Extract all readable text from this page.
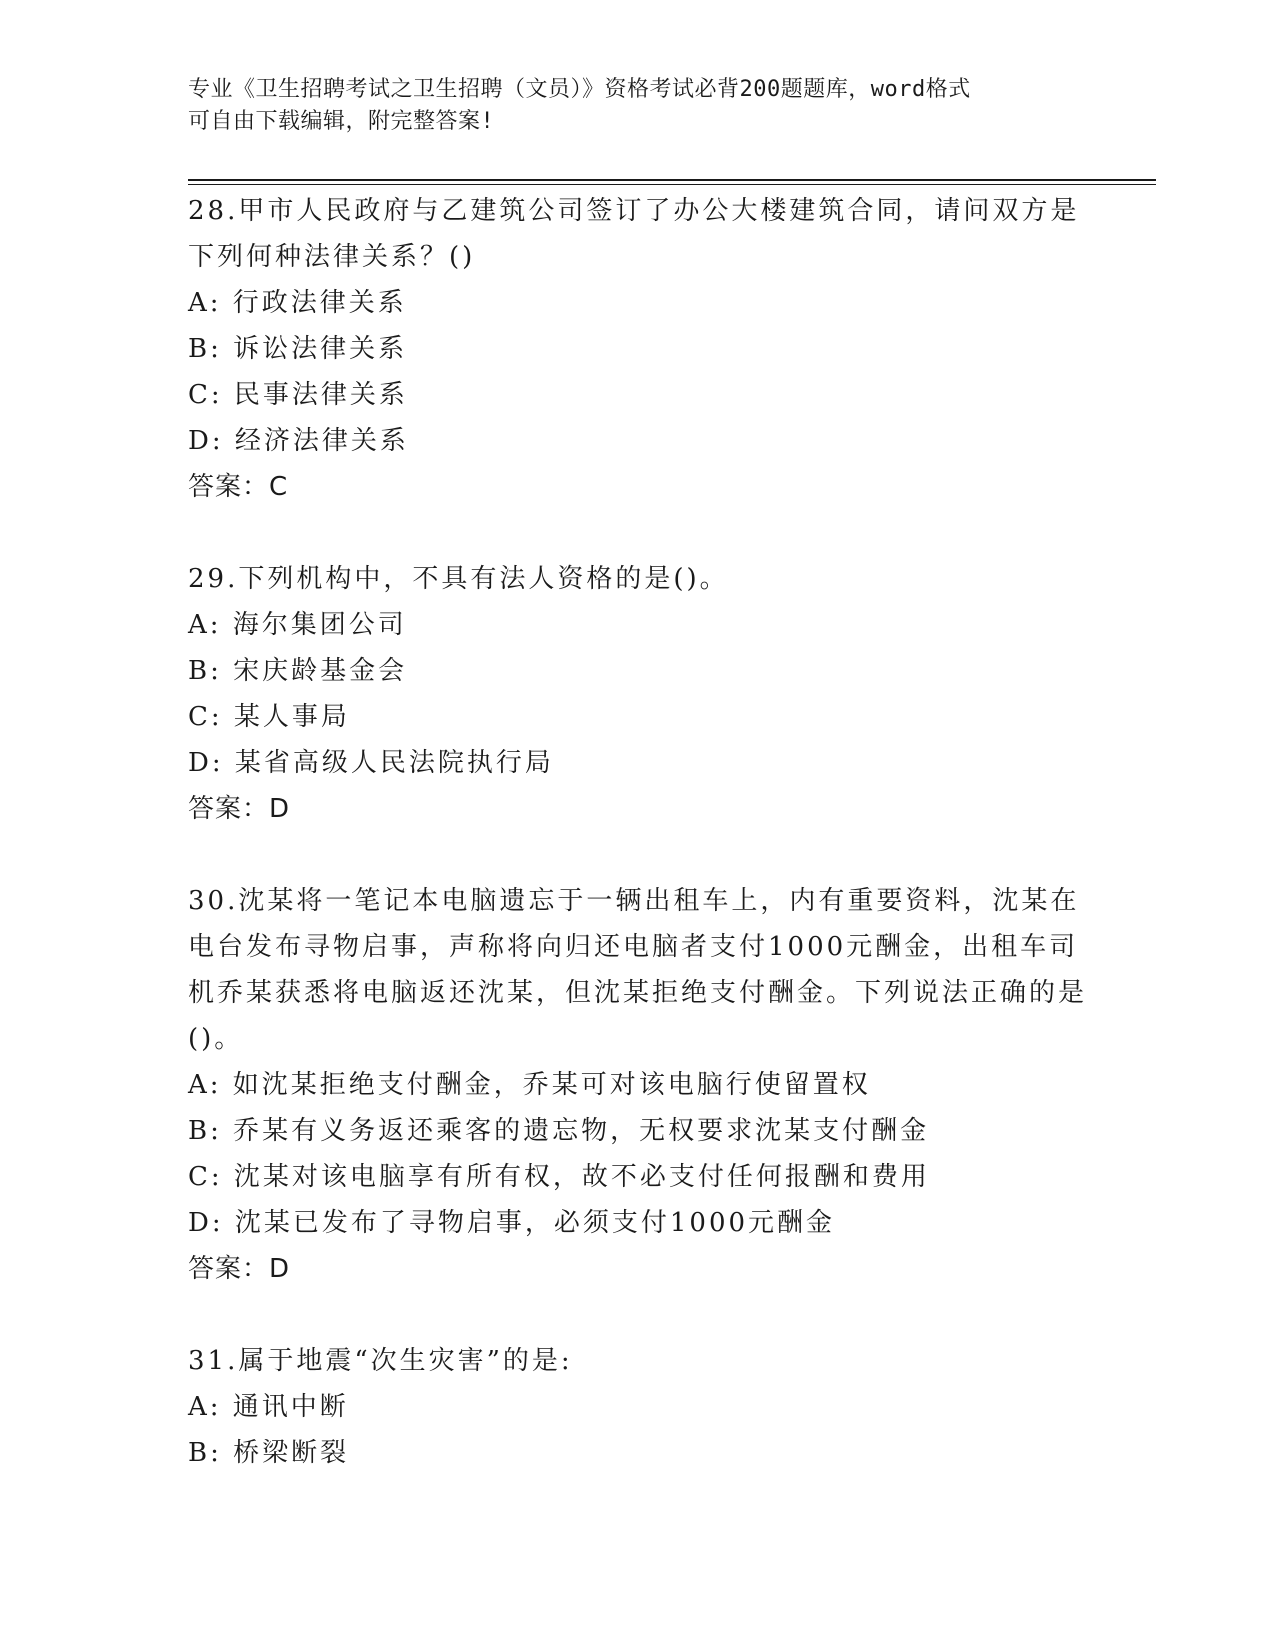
专业《卫生招聘考试之卫生招聘（文员）》资格考试必背200题题库，word格式
可自由下载编辑，附完整答案!
28.甲市人民政府与乙建筑公司签订了办公大楼建筑合同，请问双方是下列何种法律关系？()
A: 行政法律关系
B: 诉讼法律关系
C: 民事法律关系
D: 经济法律关系
答案：C
29.下列机构中，不具有法人资格的是()。
A: 海尔集团公司
B: 宋庆龄基金会
C: 某人事局
D: 某省高级人民法院执行局
答案：D
30.沈某将一笔记本电脑遗忘于一辆出租车上，内有重要资料，沈某在电台发布寻物启事，声称将向归还电脑者支付1000元酬金，出租车司机乔某获悉将电脑返还沈某，但沈某拒绝支付酬金。下列说法正确的是()。
A: 如沈某拒绝支付酬金，乔某可对该电脑行使留置权
B: 乔某有义务返还乘客的遗忘物，无权要求沈某支付酬金
C: 沈某对该电脑享有所有权，故不必支付任何报酬和费用
D: 沈某已发布了寻物启事，必须支付1000元酬金
答案：D
31.属于地震“次生灾害”的是:
A: 通讯中断
B: 桥梁断裂
